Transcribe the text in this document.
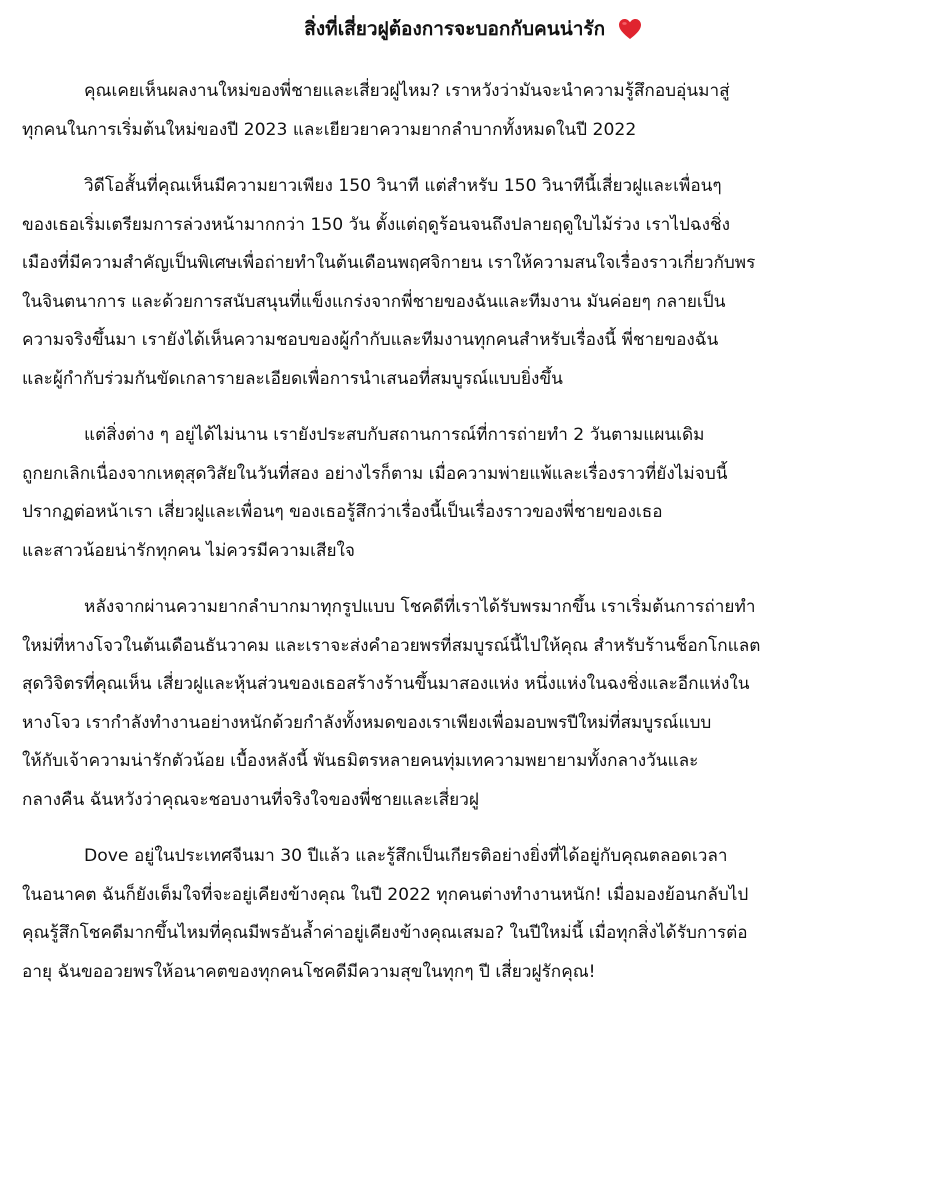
สิ่งที่เสี่ยวฝูต้องการจะบอกกับคนน่ารัก
คุณเคยเห็นผลงานใหม่ของพี่ชายและเสี่ยวฝูไหม? เราหวังว่ามันจะนำความรู้สึกอบอุ่นมาสู่
ทุกคนในการเริ่มต้นใหม่ของปี 2023 และเยียวยาความยากลำบากทั้งหมดในปี 2022
วิดีโอสั้นที่คุณเห็นมีความยาวเพียง 150 วินาที แต่สำหรับ 150 วินาทีนี้เสี่ยวฝูและเพื่อนๆ
ของเธอเริ่มเตรียมการล่วงหน้ามากกว่า 150 วัน ตั้งแต่ฤดูร้อนจนถึงปลายฤดูใบไม้ร่วง เราไปฉงชิ่ง
เมืองที่มีความสำคัญเป็นพิเศษเพื่อถ่ายทำในต้นเดือนพฤศจิกายน เราให้ความสนใจเรื่องราวเกี่ยวกับพร
ในจินตนาการ และด้วยการสนับสนุนที่แข็งแกร่งจากพี่ชายของฉันและทีมงาน มันค่อยๆ กลายเป็น
ความจริงขึ้นมา เรายังได้เห็นความชอบของผู้กำกับและทีมงานทุกคนสำหรับเรื่องนี้ พี่ชายของฉัน
และผู้กำกับร่วมกันขัดเกลารายละเอียดเพื่อการนำเสนอที่สมบูรณ์แบบยิ่งขึ้น
แต่สิ่งต่าง ๆ อยู่ได้ไม่นาน เรายังประสบกับสถานการณ์ที่การถ่ายทำ 2 วันตามแผนเดิม
ถูกยกเลิกเนื่องจากเหตุสุดวิสัยในวันที่สอง อย่างไรก็ตาม เมื่อความพ่ายแพ้และเรื่องราวที่ยังไม่จบนี้
ปรากฏต่อหน้าเรา เสี่ยวฝูและเพื่อนๆ ของเธอรู้สึกว่าเรื่องนี้เป็นเรื่องราวของพี่ชายของเธอ
และสาวน้อยน่ารักทุกคน ไม่ควรมีความเสียใจ
หลังจากผ่านความยากลำบากมาทุกรูปแบบ โชคดีที่เราได้รับพรมากขึ้น เราเริ่มต้นการถ่ายทำ
ใหม่ที่หางโจวในต้นเดือนธันวาคม และเราจะส่งคำอวยพรที่สมบูรณ์นี้ไปให้คุณ สำหรับร้านช็อกโกแลต
สุดวิจิตรที่คุณเห็น เสี่ยวฝูและหุ้นส่วนของเธอสร้างร้านขึ้นมาสองแห่ง หนึ่งแห่งในฉงชิ่งและอีกแห่งใน
หางโจว เรากำลังทำงานอย่างหนักด้วยกำลังทั้งหมดของเราเพียงเพื่อมอบพรปีใหม่ที่สมบูรณ์แบบ
ให้กับเจ้าความน่ารักตัวน้อย เบื้องหลังนี้ พันธมิตรหลายคนทุ่มเทความพยายามทั้งกลางวันและ
กลางคืน ฉันหวังว่าคุณจะชอบงานที่จริงใจของพี่ชายและเสี่ยวฝู
Dove อยู่ในประเทศจีนมา 30 ปีแล้ว และรู้สึกเป็นเกียรติอย่างยิ่งที่ได้อยู่กับคุณตลอดเวลา
ในอนาคต ฉันก็ยังเต็มใจที่จะอยู่เคียงข้างคุณ ในปี 2022 ทุกคนต่างทำงานหนัก! เมื่อมองย้อนกลับไป
คุณรู้สึกโชคดีมากขึ้นไหมที่คุณมีพรอันล้ำค่าอยู่เคียงข้างคุณเสมอ? ในปีใหม่นี้ เมื่อทุกสิ่งได้รับการต่อ
อายุ ฉันขออวยพรให้อนาคตของทุกคนโชคดีมีความสุขในทุกๆ ปี เสี่ยวฝูรักคุณ!
